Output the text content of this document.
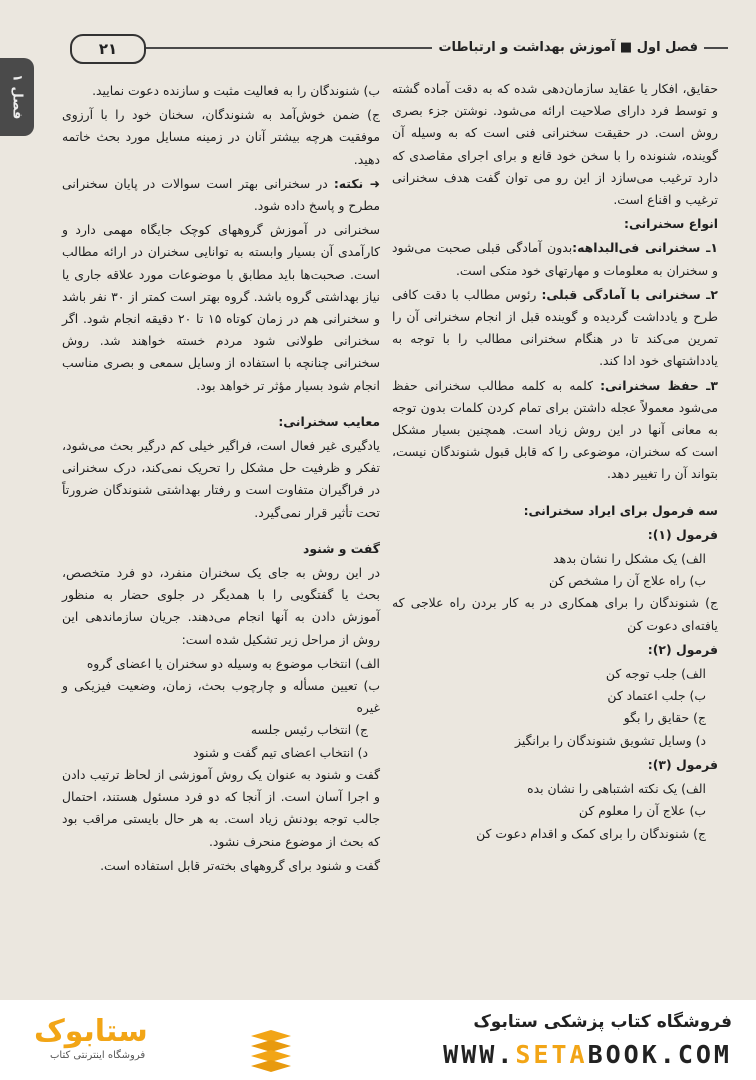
فصل اول ■ آموزش بهداشت و ارتباطات
۲۱
فصل ۱	حقایق، افکار یا عقاید سازمان‌دهی شده که به دقت آماده گشته و توسط فرد دارای صلاحیت ارائه می‌شود. نوشتن جزء بصری روش است. در حقیقت سخنرانی فنی است که به وسیله آن گوینده، شنونده را با سخن خود قانع و برای اجرای مقاصدی که دارد ترغیب می‌سازد از این رو می توان گفت هدف سخنرانی ترغیب و اقناع است.

انواع سخنرانی:

۱ـ سخنرانی فی‌البداهه:بدون آمادگی قبلی صحبت می‌شود و سخنران به معلومات و مهارتهای خود متکی است.

۲ـ سخنرانی با آمادگی قبلی: رئوس مطالب با دقت کافی طرح و یادداشت گردیده و گوینده قبل از انجام سخنرانی آن را تمرین می‌کند تا در هنگام سخنرانی مطالب را با توجه به یادداشتهای خود ادا کند.

۳ـ حفظ سخنرانی: کلمه به کلمه مطالب سخنرانی حفظ می‌شود معمولاً عجله داشتن برای تمام کردن کلمات بدون توجه به معانی آنها در این روش زیاد است. همچنین بسیار مشکل است که سخنران، موضوعی را که قابل قبول شنوندگان نیست، بتواند آن را تغییر دهد.

سه فرمول برای ایراد سخنرانی:
فرمول (۱):
الف) یک مشکل را نشان بدهد
ب) راه علاج آن را مشخص کن
ج) شنوندگان را برای همکاری در به کار بردن راه علاجی که یافته‌ای دعوت کن
فرمول (۲):
الف) جلب توجه کن
ب) جلب اعتماد کن
ج) حقایق را بگو
د) وسایل تشویق شنوندگان را برانگیز
فرمول (۳):
الف) یک نکته اشتباهی را نشان بده
ب) علاج آن را معلوم کن
ج) شنوندگان را برای کمک و اقدام دعوت کن

ب) شنوندگان را به فعالیت مثبت و سازنده دعوت نمایید.

ج) ضمن خوش‌آمد به شنوندگان، سخنان خود را با آرزوی موفقیت هرچه بیشتر آنان در زمینه مسایل مورد بحث خاتمه دهید.

➜ نکته: در سخنرانی بهتر است سوالات در پایان سخنرانی مطرح و پاسخ داده شود.

سخنرانی در آموزش گروههای کوچک جایگاه مهمی دارد و کارآمدی آن بسیار وابسته به توانایی سخنران در ارائه مطالب است. صحبت‌ها باید مطابق با موضوعات مورد علاقه جاری یا نیاز بهداشتی گروه باشد. گروه بهتر است کمتر از ۳۰ نفر باشد و سخنرانی هم در زمان کوتاه ۱۵ تا ۲۰ دقیقه انجام شود. اگر سخنرانی طولانی شود مردم خسته خواهند شد. روش سخنرانی چنانچه با استفاده از وسایل سمعی و بصری مناسب انجام شود بسیار مؤثر تر خواهد بود.

معایب سخنرانی:

یادگیری غیر فعال است، فراگیر خیلی کم درگیر بحث می‌شود، تفکر و ظرفیت حل مشکل را تحریک نمی‌کند، درک سخنرانی در فراگیران متفاوت است و رفتار بهداشتی شنوندگان ضرورتاً تحت تأثیر قرار نمی‌گیرد.

گفت و شنود

در این روش به جای یک سخنران منفرد، دو فرد متخصص، بحث یا گفتگویی را با همدیگر در جلوی حضار به منظور آموزش دادن به آنها انجام می‌دهند. جریان سازماندهی این روش از مراحل زیر تشکیل شده است:

الف) انتخاب موضوع به وسیله دو سخنران یا اعضای گروه
ب) تعیین مسأله و چارچوب بحث، زمان، وضعیت فیزیکی و غیره
ج) انتخاب رئیس جلسه
د) انتخاب اعضای تیم گفت و شنود

گفت و شنود به عنوان یک روش آموزشی از لحاظ ترتیب دادن و اجرا آسان است. از آنجا که دو فرد مسئول هستند، احتمال جالب توجه بودنش زیاد است. به هر حال بایستی مراقب بود که بحث از موضوع منحرف نشود.

گفت و شنود برای گروههای بخته‌تر قابل استفاده است.

ستابوک
فروشگاه اینترنتی کتاب
فروشگاه کتاب پزشکی ستابوک
WWW.SETABOOK.COM
